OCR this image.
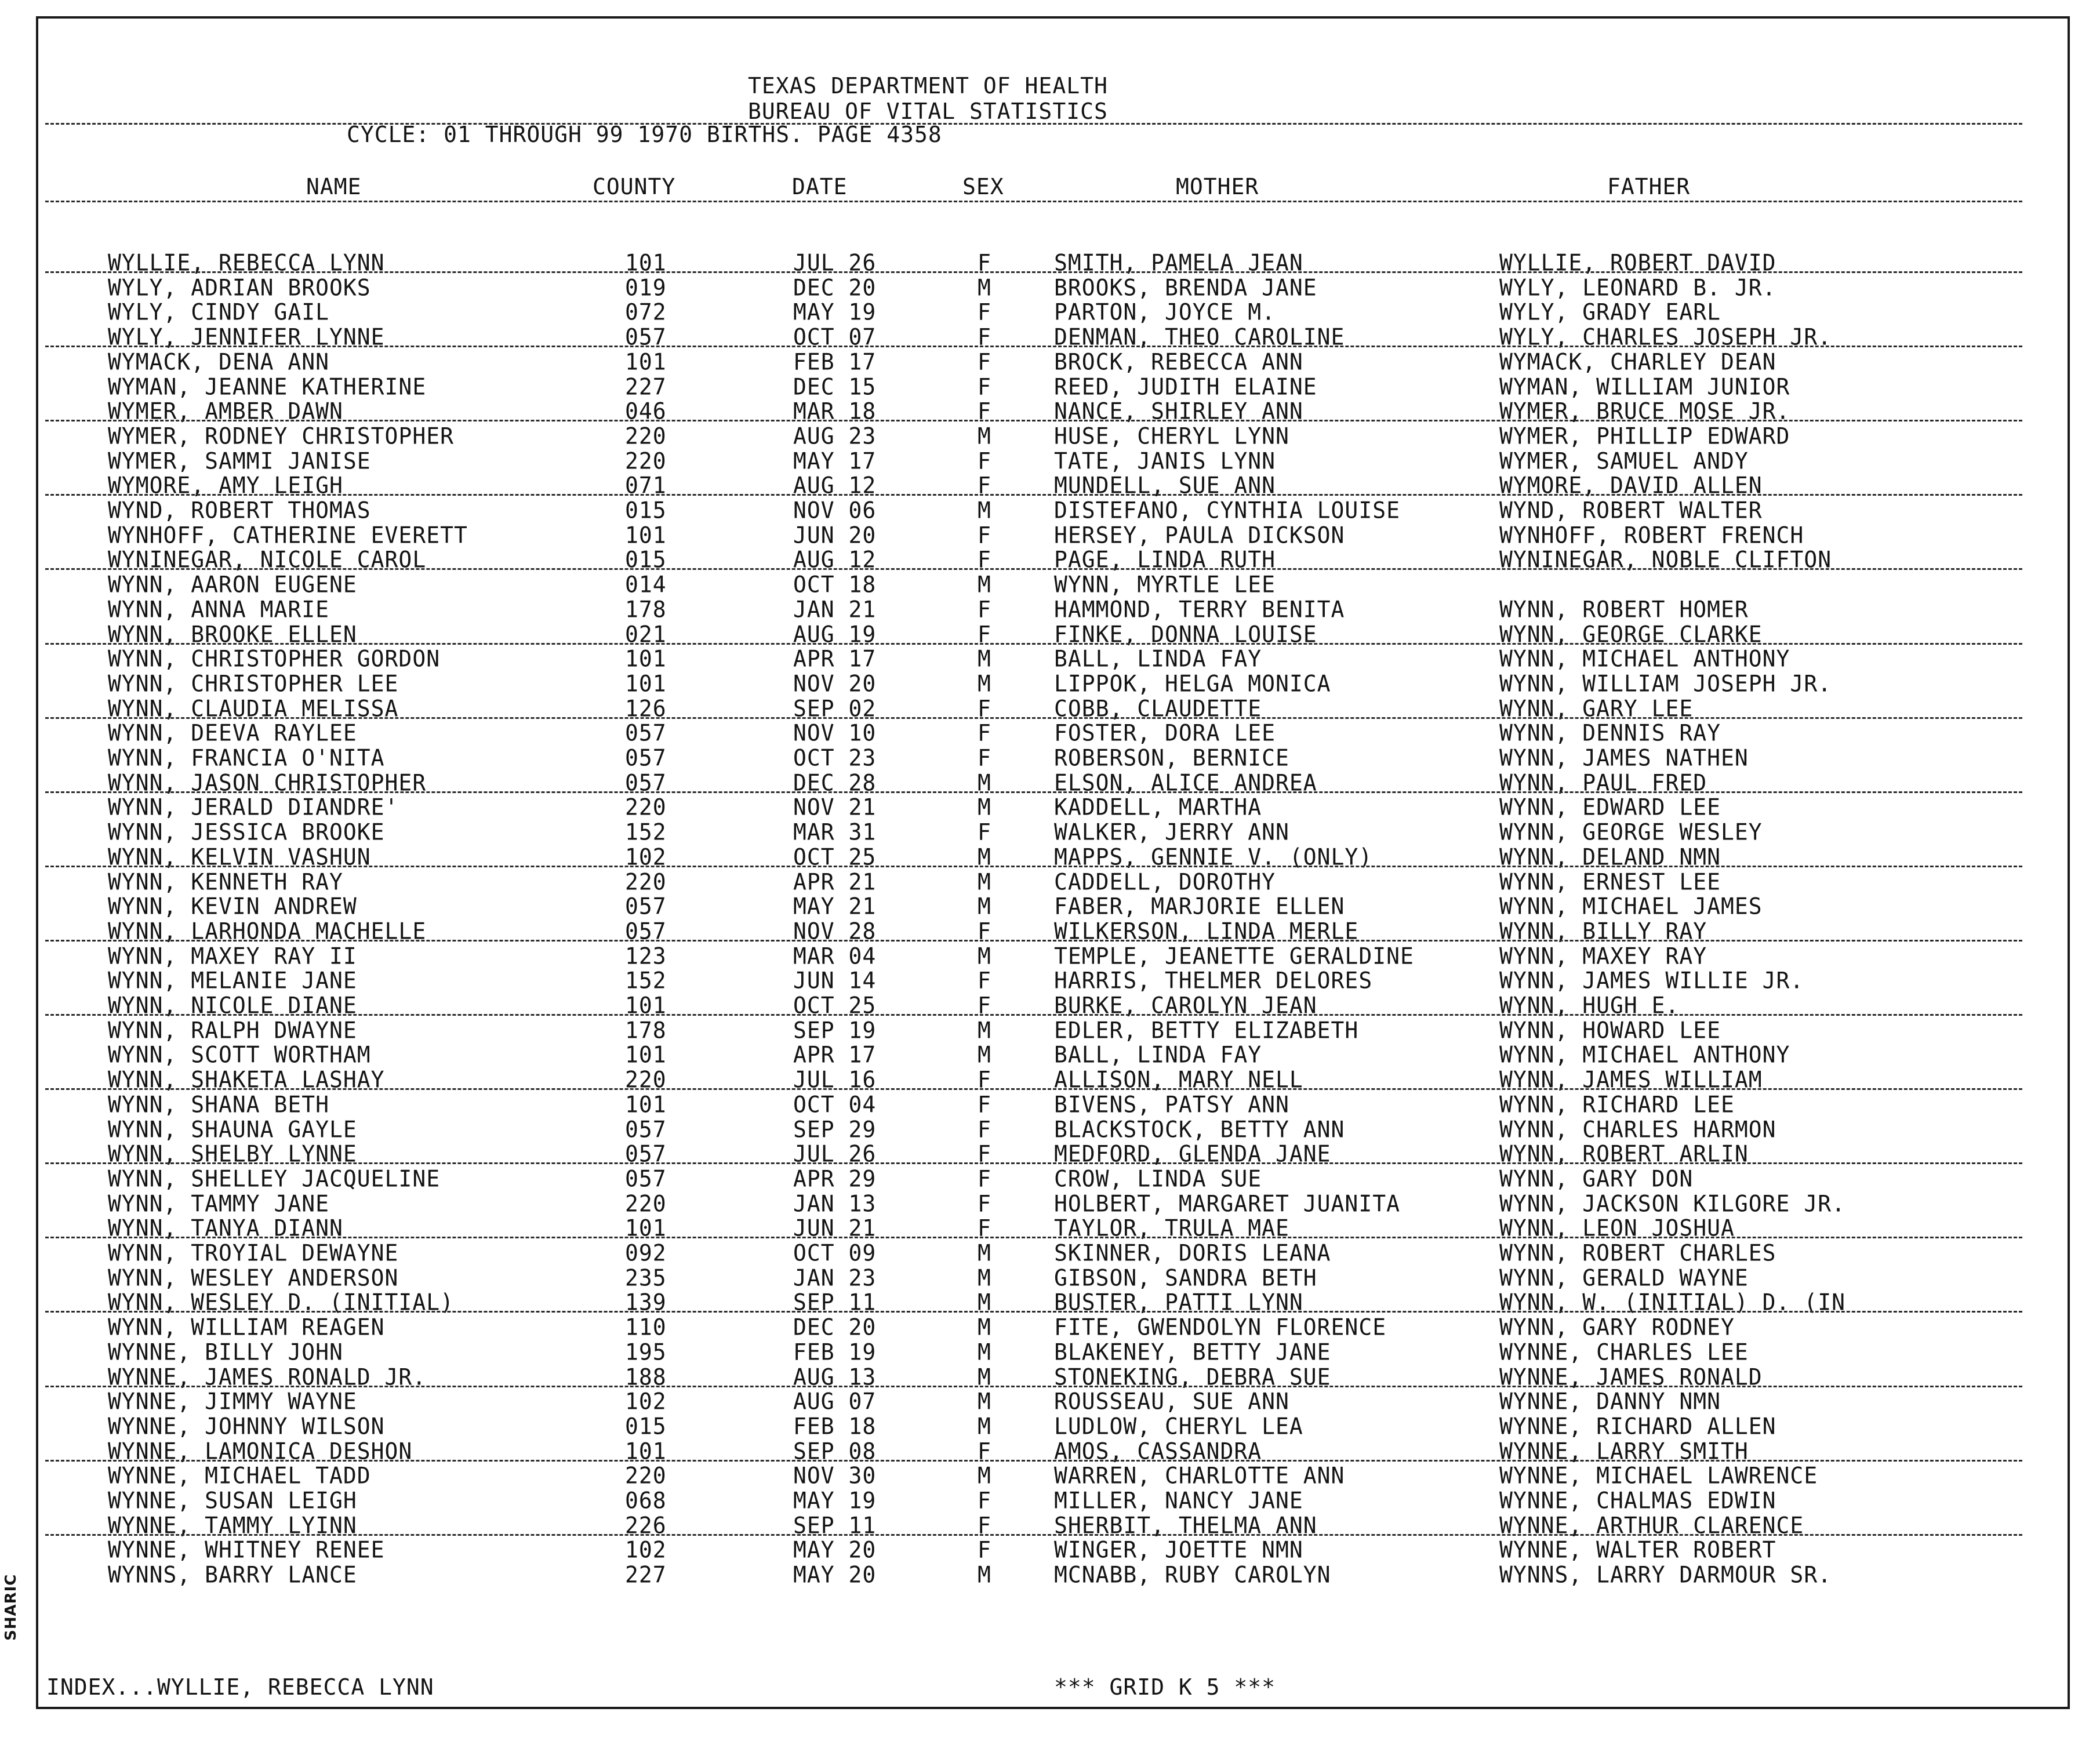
SHARIC
TEXAS DEPARTMENT OF HEALTH
BUREAU OF VITAL STATISTICS
CYCLE: 01 THROUGH 99 1970 BIRTHS. PAGE 4358
NAME	COUNTY	DATE	SEX	MOTHER	FATHER
WYLLIE, REBECCA LYNN	101	JUL 26	F	SMITH, PAMELA JEAN	WYLLIE, ROBERT DAVID
WYLY, ADRIAN BROOKS	019	DEC 20	M	BROOKS, BRENDA JANE	WYLY, LEONARD B. JR.
WYLY, CINDY GAIL	072	MAY 19	F	PARTON, JOYCE M.	WYLY, GRADY EARL
WYLY, JENNIFER LYNNE	057	OCT 07	F	DENMAN, THEO CAROLINE	WYLY, CHARLES JOSEPH JR.
WYMACK, DENA ANN	101	FEB 17	F	BROCK, REBECCA ANN	WYMACK, CHARLEY DEAN
WYMAN, JEANNE KATHERINE	227	DEC 15	F	REED, JUDITH ELAINE	WYMAN, WILLIAM JUNIOR
WYMER, AMBER DAWN	046	MAR 18	F	NANCE, SHIRLEY ANN	WYMER, BRUCE MOSE JR.
WYMER, RODNEY CHRISTOPHER	220	AUG 23	M	HUSE, CHERYL LYNN	WYMER, PHILLIP EDWARD
WYMER, SAMMI JANISE	220	MAY 17	F	TATE, JANIS LYNN	WYMER, SAMUEL ANDY
WYMORE, AMY LEIGH	071	AUG 12	F	MUNDELL, SUE ANN	WYMORE, DAVID ALLEN
WYND, ROBERT THOMAS	015	NOV 06	M	DISTEFANO, CYNTHIA LOUISE	WYND, ROBERT WALTER
WYNHOFF, CATHERINE EVERETT	101	JUN 20	F	HERSEY, PAULA DICKSON	WYNHOFF, ROBERT FRENCH
WYNINEGAR, NICOLE CAROL	015	AUG 12	F	PAGE, LINDA RUTH	WYNINEGAR, NOBLE CLIFTON
WYNN, AARON EUGENE	014	OCT 18	M	WYNN, MYRTLE LEE
WYNN, ANNA MARIE	178	JAN 21	F	HAMMOND, TERRY BENITA	WYNN, ROBERT HOMER
WYNN, BROOKE ELLEN	021	AUG 19	F	FINKE, DONNA LOUISE	WYNN, GEORGE CLARKE
WYNN, CHRISTOPHER GORDON	101	APR 17	M	BALL, LINDA FAY	WYNN, MICHAEL ANTHONY
WYNN, CHRISTOPHER LEE	101	NOV 20	M	LIPPOK, HELGA MONICA	WYNN, WILLIAM JOSEPH JR.
WYNN, CLAUDIA MELISSA	126	SEP 02	F	COBB, CLAUDETTE	WYNN, GARY LEE
WYNN, DEEVA RAYLEE	057	NOV 10	F	FOSTER, DORA LEE	WYNN, DENNIS RAY
WYNN, FRANCIA O'NITA	057	OCT 23	F	ROBERSON, BERNICE	WYNN, JAMES NATHEN
WYNN, JASON CHRISTOPHER	057	DEC 28	M	ELSON, ALICE ANDREA	WYNN, PAUL FRED
WYNN, JERALD DIANDRE'	220	NOV 21	M	KADDELL, MARTHA	WYNN, EDWARD LEE
WYNN, JESSICA BROOKE	152	MAR 31	F	WALKER, JERRY ANN	WYNN, GEORGE WESLEY
WYNN, KELVIN VASHUN	102	OCT 25	M	MAPPS, GENNIE V. (ONLY)	WYNN, DELAND NMN
WYNN, KENNETH RAY	220	APR 21	M	CADDELL, DOROTHY	WYNN, ERNEST LEE
WYNN, KEVIN ANDREW	057	MAY 21	M	FABER, MARJORIE ELLEN	WYNN, MICHAEL JAMES
WYNN, LARHONDA MACHELLE	057	NOV 28	F	WILKERSON, LINDA MERLE	WYNN, BILLY RAY
WYNN, MAXEY RAY II	123	MAR 04	M	TEMPLE, JEANETTE GERALDINE	WYNN, MAXEY RAY
WYNN, MELANIE JANE	152	JUN 14	F	HARRIS, THELMER DELORES	WYNN, JAMES WILLIE JR.
WYNN, NICOLE DIANE	101	OCT 25	F	BURKE, CAROLYN JEAN	WYNN, HUGH E.
WYNN, RALPH DWAYNE	178	SEP 19	M	EDLER, BETTY ELIZABETH	WYNN, HOWARD LEE
WYNN, SCOTT WORTHAM	101	APR 17	M	BALL, LINDA FAY	WYNN, MICHAEL ANTHONY
WYNN, SHAKETA LASHAY	220	JUL 16	F	ALLISON, MARY NELL	WYNN, JAMES WILLIAM
WYNN, SHANA BETH	101	OCT 04	F	BIVENS, PATSY ANN	WYNN, RICHARD LEE
WYNN, SHAUNA GAYLE	057	SEP 29	F	BLACKSTOCK, BETTY ANN	WYNN, CHARLES HARMON
WYNN, SHELBY LYNNE	057	JUL 26	F	MEDFORD, GLENDA JANE	WYNN, ROBERT ARLIN
WYNN, SHELLEY JACQUELINE	057	APR 29	F	CROW, LINDA SUE	WYNN, GARY DON
WYNN, TAMMY JANE	220	JAN 13	F	HOLBERT, MARGARET JUANITA	WYNN, JACKSON KILGORE JR.
WYNN, TANYA DIANN	101	JUN 21	F	TAYLOR, TRULA MAE	WYNN, LEON JOSHUA
WYNN, TROYIAL DEWAYNE	092	OCT 09	M	SKINNER, DORIS LEANA	WYNN, ROBERT CHARLES
WYNN, WESLEY ANDERSON	235	JAN 23	M	GIBSON, SANDRA BETH	WYNN, GERALD WAYNE
WYNN, WESLEY D. (INITIAL)	139	SEP 11	M	BUSTER, PATTI LYNN	WYNN, W. (INITIAL) D. (IN
WYNN, WILLIAM REAGEN	110	DEC 20	M	FITE, GWENDOLYN FLORENCE	WYNN, GARY RODNEY
WYNNE, BILLY JOHN	195	FEB 19	M	BLAKENEY, BETTY JANE	WYNNE, CHARLES LEE
WYNNE, JAMES RONALD JR.	188	AUG 13	M	STONEKING, DEBRA SUE	WYNNE, JAMES RONALD
WYNNE, JIMMY WAYNE	102	AUG 07	M	ROUSSEAU, SUE ANN	WYNNE, DANNY NMN
WYNNE, JOHNNY WILSON	015	FEB 18	M	LUDLOW, CHERYL LEA	WYNNE, RICHARD ALLEN
WYNNE, LAMONICA DESHON	101	SEP 08	F	AMOS, CASSANDRA	WYNNE, LARRY SMITH
WYNNE, MICHAEL TADD	220	NOV 30	M	WARREN, CHARLOTTE ANN	WYNNE, MICHAEL LAWRENCE
WYNNE, SUSAN LEIGH	068	MAY 19	F	MILLER, NANCY JANE	WYNNE, CHALMAS EDWIN
WYNNE, TAMMY LYINN	226	SEP 11	F	SHERBIT, THELMA ANN	WYNNE, ARTHUR CLARENCE
WYNNE, WHITNEY RENEE	102	MAY 20	F	WINGER, JOETTE NMN	WYNNE, WALTER ROBERT
WYNNS, BARRY LANCE	227	MAY 20	M	MCNABB, RUBY CAROLYN	WYNNS, LARRY DARMOUR SR.
INDEX...WYLLIE, REBECCA LYNN	*** GRID K 5 ***
